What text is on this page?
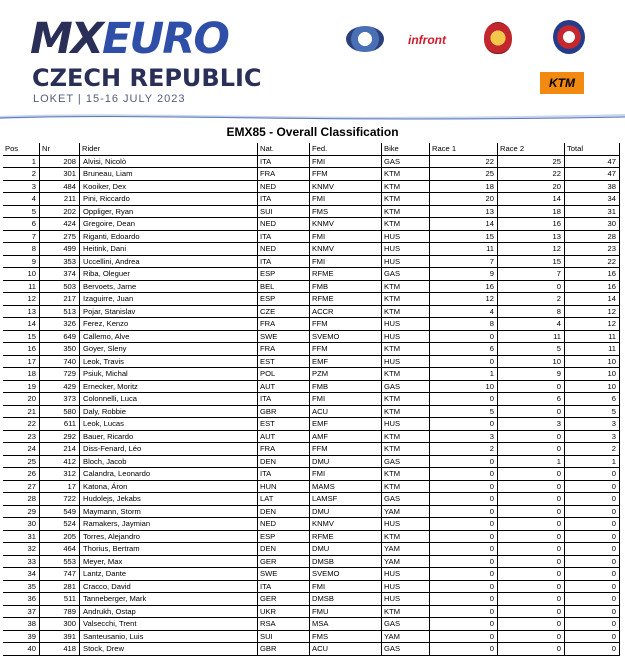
MXEURO
CZECH REPUBLIC
LOKET | 15-16 JULY 2023
infront
KTM
EMX85 - Overall Classification
Pos	Nr	Rider	Nat.	Fed.	Bike	Race 1	Race 2	Total
1	208 Alvisi, Nicolò	ITA	FMI	GAS	22	25	47
2	301 Bruneau, Liam	FRA	FFM	KTM	25	22	47
3	484 Kooiker, Dex	NED	KNMV	KTM	18	20	38
4	211 Pini, Riccardo	ITA	FMI	KTM	20	14	34
5	202 Oppliger, Ryan	SUI	FMS	KTM	13	18	31
6	424 Gregoire, Dean	NED	KNMV	KTM	14	16	30
7	275 Riganti, Edoardo	ITA	FMI	HUS	15	13	28
8	499 Heitink, Dani	NED	KNMV	HUS	11	12	23
9	353 Uccellini, Andrea	ITA	FMI	HUS	7	15	22
10	374 Riba, Oleguer	ESP	RFME	GAS	9	7	16
11	503 Bervoets, Jarne	BEL	FMB	KTM	16	0	16
12	217 Izaguirre, Juan	ESP	RFME	KTM	12	2	14
13	513 Pojar, Stanislav	CZE	ACCR	KTM	4	8	12
14	326 Ferez, Kenzo	FRA	FFM	HUS	8	4	12
15	649 Callemo, Alve	SWE	SVEMO	HUS	0	11	11
16	350 Goyer, Sleny	FRA	FFM	KTM	6	5	11
17	740 Leok, Travis	EST	EMF	HUS	0	10	10
18	729 Psiuk, Michal	POL	PZM	KTM	1	9	10
19	429 Ernecker, Moritz	AUT	FMB	GAS	10	0	10
20	373 Colonnelli, Luca	ITA	FMI	KTM	0	6	6
21	580 Daly, Robbie	GBR	ACU	KTM	5	0	5
22	611 Leok, Lucas	EST	EMF	HUS	0	3	3
23	292 Bauer, Ricardo	AUT	AMF	KTM	3	0	3
24	214 Diss-Fenard, Léo	FRA	FFM	KTM	2	0	2
25	412 Bloch, Jacob	DEN	DMU	GAS	0	1	1
26	312 Calandra, Leonardo	ITA	FMI	KTM	0	0	0
27	17 Katona, Áron	HUN	MAMS	KTM	0	0	0
28	722 Hudolejs, Jekabs	LAT	LAMSF	GAS	0	0	0
29	549 Maymann, Storm	DEN	DMU	YAM	0	0	0
30	524 Ramakers, Jaymian	NED	KNMV	HUS	0	0	0
31	205 Torres, Alejandro	ESP	RFME	KTM	0	0	0
32	464 Thorius, Bertram	DEN	DMU	YAM	0	0	0
33	553 Meyer, Max	GER	DMSB	YAM	0	0	0
34	747 Lantz, Dante	SWE	SVEMO	HUS	0	0	0
35	281 Cracco, David	ITA	FMI	HUS	0	0	0
36	511 Tanneberger, Mark	GER	DMSB	HUS	0	0	0
37	789 Andrukh, Ostap	UKR	FMU	KTM	0	0	0
38	300 Valsecchi, Trent	RSA	MSA	GAS	0	0	0
39	391 Santeusanio, Luis	SUI	FMS	YAM	0	0	0
40	418 Stock, Drew	GBR	ACU	GAS	0	0	0
